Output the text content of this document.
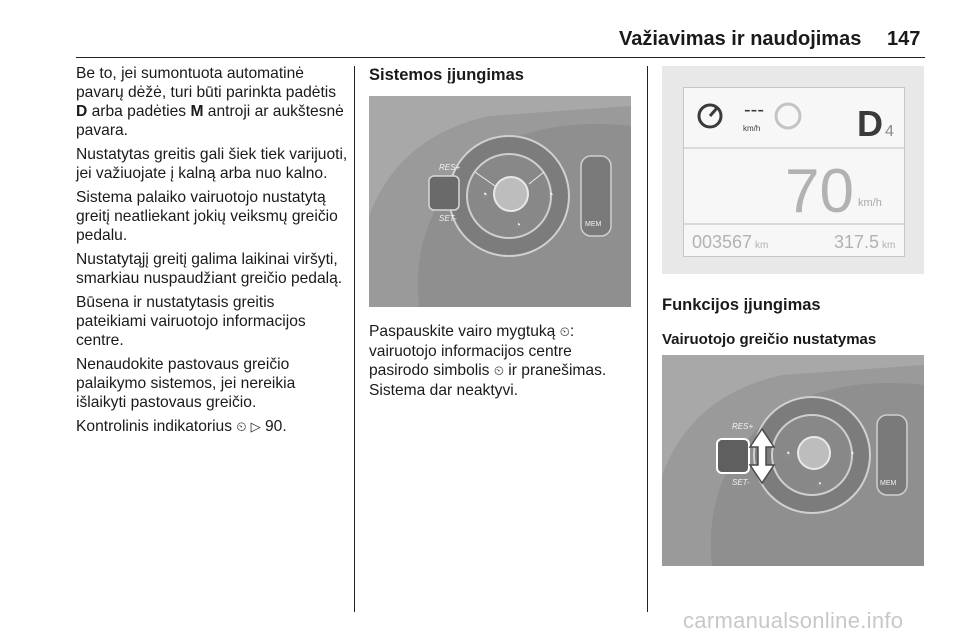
Važiavimas ir naudojimas 147

Be to, jei sumontuota automatinė pavarų dėžė, turi būti parinkta padėtis D arba padėties M antroji ar aukštesnė pavara.

Nustatytas greitis gali šiek tiek varijuoti, jei važiuojate į kalną arba nuo kalno.

Sistema palaiko vairuotojo nustatytą greitį neatliekant jokių veiksmų greičio pedalu.

Nustatytąjį greitį galima laikinai viršyti, smarkiau nuspaudžiant greičio pedalą.

Būsena ir nustatytasis greitis pateikiami vairuotojo informacijos centre.

Nenaudokite pastovaus greičio palaikymo sistemos, jei nereikia išlaikyti pastovaus greičio.

Kontrolinis indikatorius ⏲ ▷ 90.

Sistemos įjungimas
RES+
SET-
MEM
◔	◔
◔

Paspauskite vairo mygtuką ⏲: vairuotojo informacijos centre pasirodo simbolis ⏲ ir pranešimas. Sistema dar neaktyvi.

---
km/h	D 4
70 km/h
003567 km	317.5 km
Funkcijos įjungimas
Vairuotojo greičio nustatymas
RES+
SET-	MEM
◔	◔
◔
carmanualsonline.info
